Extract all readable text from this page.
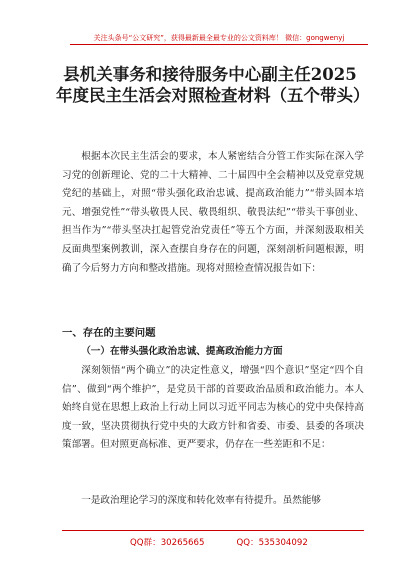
关注头条号“公文研究”，获得最新最全最专业的公文资料库！ 微信：gongwenyj
县机关事务和接待服务中心副主任2025年度民主生活会对照检查材料（五个带头）
根据本次民主生活会的要求，本人紧密结合分管工作实际在深入学习党的创新理论、党的二十大精神、二十届四中全会精神以及党章党规党纪的基础上，对照“带头强化政治忠诚、提高政治能力”“带头固本培元、增强党性”“带头敬畏人民、敬畏组织、敬畏法纪”“带头干事创业、担当作为”“带头坚决扛起管党治党责任”等五个方面，并深刻汲取相关反面典型案例教训，深入查摆自身存在的问题，深刻剖析问题根源，明确了今后努力方向和整改措施。现将对照检查情况报告如下：
一、存在的主要问题
（一）在带头强化政治忠诚、提高政治能力方面
深刻领悟“两个确立”的决定性意义，增强“四个意识”坚定“四个自信”、做到“两个维护”，是党员干部的首要政治品质和政治能力。本人始终自觉在思想上政治上行动上同以习近平同志为核心的党中央保持高度一致，坚决贯彻执行党中央的大政方针和省委、市委、县委的各项决策部署。但对照更高标准、更严要求，仍存在一些差距和不足：
一是政治理论学习的深度和转化效率有待提升。虽然能够
QQ群：30265665	QQ：535304092
